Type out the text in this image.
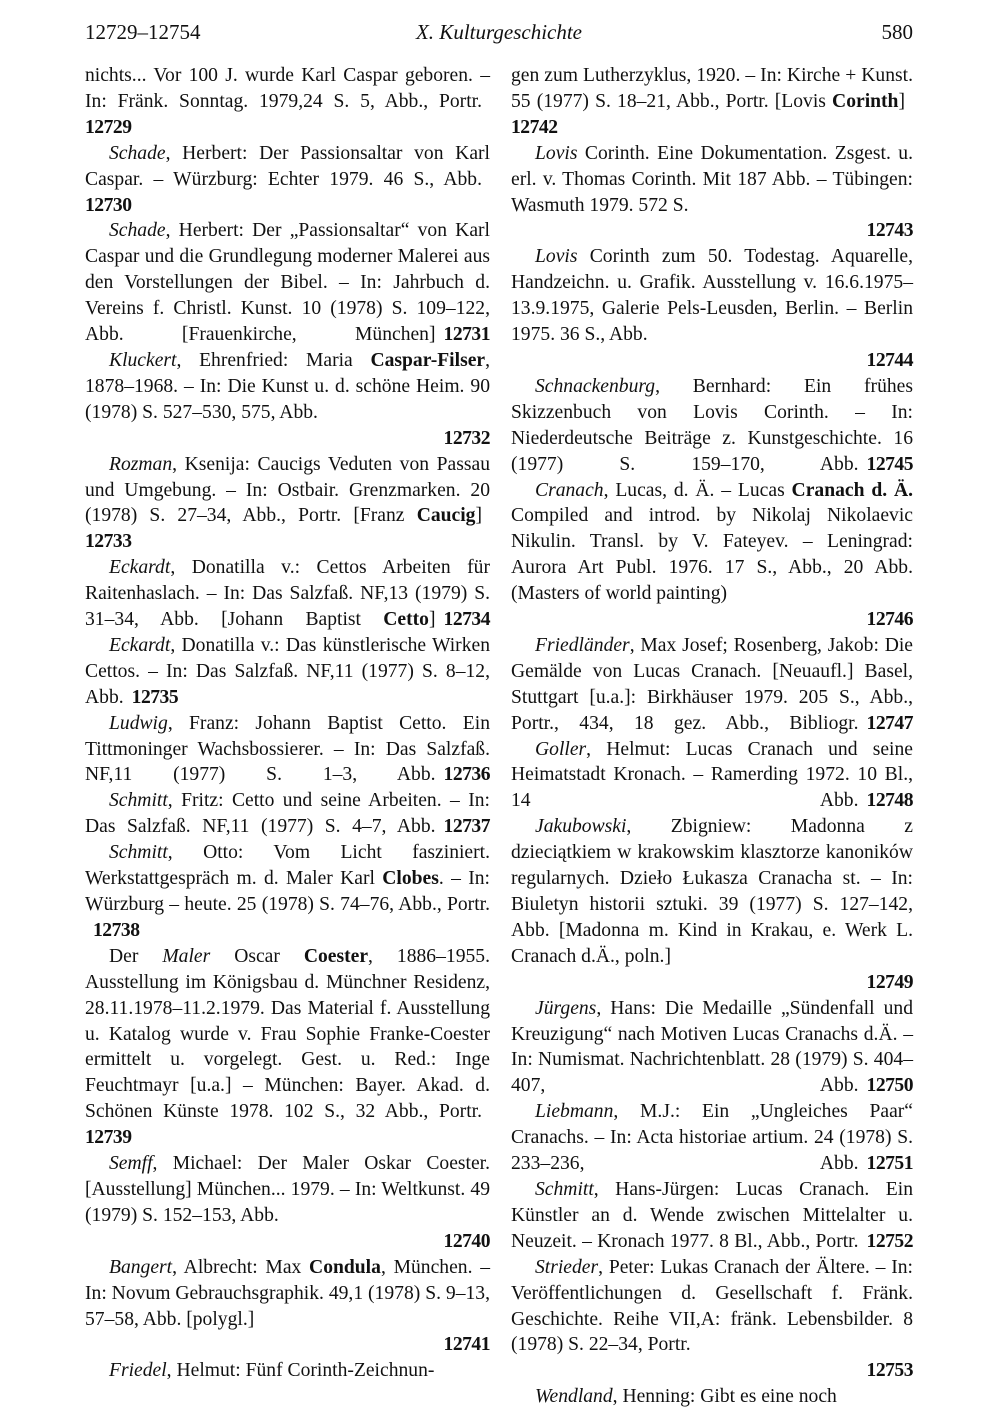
12729–12754	X. Kulturgeschichte	580

nichts... Vor 100 J. wurde Karl Caspar geboren. – In: Fränk. Sonntag. 1979,24 S. 5, Abb., Portr.12729

Schade, Herbert: Der Passionsaltar von Karl Caspar. – Würzburg: Echter 1979. 46 S., Abb.12730

Schade, Herbert: Der „Passionsaltar“ von Karl Caspar und die Grundlegung moderner Malerei aus den Vorstellungen der Bibel. – In: Jahrbuch d. Vereins f. Christl. Kunst. 10 (1978) S. 109–122, Abb. [Frauenkirche, München] 12731

Kluckert, Ehrenfried: Maria Caspar-Filser, 1878–1968. – In: Die Kunst u. d. schöne Heim. 90 (1978) S. 527–530, 575, Abb.
12732

Rozman, Ksenija: Caucigs Veduten von Passau und Umgebung. – In: Ostbair. Grenzmarken. 20 (1978) S. 27–34, Abb., Portr. [Franz Caucig]12733

Eckardt, Donatilla v.: Cettos Arbeiten für Raitenhaslach. – In: Das Salzfaß. NF,13 (1979) S. 31–34, Abb. [Johann Baptist Cetto] 12734

Eckardt, Donatilla v.: Das künstlerische Wirken Cettos. – In: Das Salzfaß. NF,11 (1977) S. 8–12, Abb. 12735

Ludwig, Franz: Johann Baptist Cetto. Ein Tittmoninger Wachsbossierer. – In: Das Salzfaß. NF,11 (1977) S. 1–3, Abb. 12736

Schmitt, Fritz: Cetto und seine Arbeiten. – In: Das Salzfaß. NF,11 (1977) S. 4–7, Abb. 12737

Schmitt, Otto: Vom Licht fasziniert. Werkstattgespräch m. d. Maler Karl Clobes. – In: Würzburg – heute. 25 (1978) S. 74–76, Abb., Portr.12738

Der Maler Oscar Coester, 1886–1955. Ausstellung im Königsbau d. Münchner Residenz, 28.11.1978–11.2.1979. Das Material f. Ausstellung u. Katalog wurde v. Frau Sophie Franke-Coester ermittelt u. vorgelegt. Gest. u. Red.: Inge Feuchtmayr [u.a.] – München: Bayer. Akad. d. Schönen Künste 1978. 102 S., 32 Abb., Portr.12739

Semff, Michael: Der Maler Oskar Coester. [Ausstellung] München... 1979. – In: Weltkunst. 49 (1979) S. 152–153, Abb.
12740

Bangert, Albrecht: Max Condula, München. – In: Novum Gebrauchsgraphik. 49,1 (1978) S. 9–13, 57–58, Abb. [polygl.]
12741

Friedel, Helmut: Fünf Corinth-Zeichnun-

gen zum Lutherzyklus, 1920. – In: Kirche + Kunst. 55 (1977) S. 18–21, Abb., Portr. [Lovis Corinth]12742

Lovis Corinth. Eine Dokumentation. Zsgest. u. erl. v. Thomas Corinth. Mit 187 Abb. – Tübingen: Wasmuth 1979. 572 S.
12743

Lovis Corinth zum 50. Todestag. Aquarelle, Handzeichn. u. Grafik. Ausstellung v. 16.6.1975–13.9.1975, Galerie Pels-Leusden, Berlin. – Berlin 1975. 36 S., Abb.
12744

Schnackenburg, Bernhard: Ein frühes Skizzenbuch von Lovis Corinth. – In: Niederdeutsche Beiträge z. Kunstgeschichte. 16 (1977) S. 159–170, Abb. 12745

Cranach, Lucas, d. Ä. – Lucas Cranach d. Ä. Compiled and introd. by Nikolaj Nikolaevic Nikulin. Transl. by V. Fateyev. – Leningrad: Aurora Art Publ. 1976. 17 S., Abb., 20 Abb. (Masters of world painting)
12746

Friedländer, Max Josef; Rosenberg, Jakob: Die Gemälde von Lucas Cranach. [Neuaufl.] Basel, Stuttgart [u.a.]: Birkhäuser 1979. 205 S., Abb., Portr., 434, 18 gez. Abb., Bibliogr. 12747

Goller, Helmut: Lucas Cranach und seine Heimatstadt Kronach. – Ramerding 1972. 10 Bl., 14 Abb. 12748

Jakubowski, Zbigniew: Madonna z dzieciątkiem w krakowskim klasztorze kanoników regularnych. Dzieło Łukasza Cranacha st. – In: Biuletyn historii sztuki. 39 (1977) S. 127–142, Abb. [Madonna m. Kind in Krakau, e. Werk L. Cranach d.Ä., poln.]
12749

Jürgens, Hans: Die Medaille „Sündenfall und Kreuzigung“ nach Motiven Lucas Cranachs d.Ä. – In: Numismat. Nachrichtenblatt. 28 (1979) S. 404–407, Abb. 12750

Liebmann, M.J.: Ein „Ungleiches Paar“ Cranachs. – In: Acta historiae artium. 24 (1978) S. 233–236, Abb. 12751

Schmitt, Hans-Jürgen: Lucas Cranach. Ein Künstler an d. Wende zwischen Mittelalter u. Neuzeit. – Kronach 1977. 8 Bl., Abb., Portr. 12752

Strieder, Peter: Lukas Cranach der Ältere. – In: Veröffentlichungen d. Gesellschaft f. Fränk. Geschichte. Reihe VII,A: fränk. Lebensbilder. 8 (1978) S. 22–34, Portr.
12753

Wendland, Henning: Gibt es eine noch
